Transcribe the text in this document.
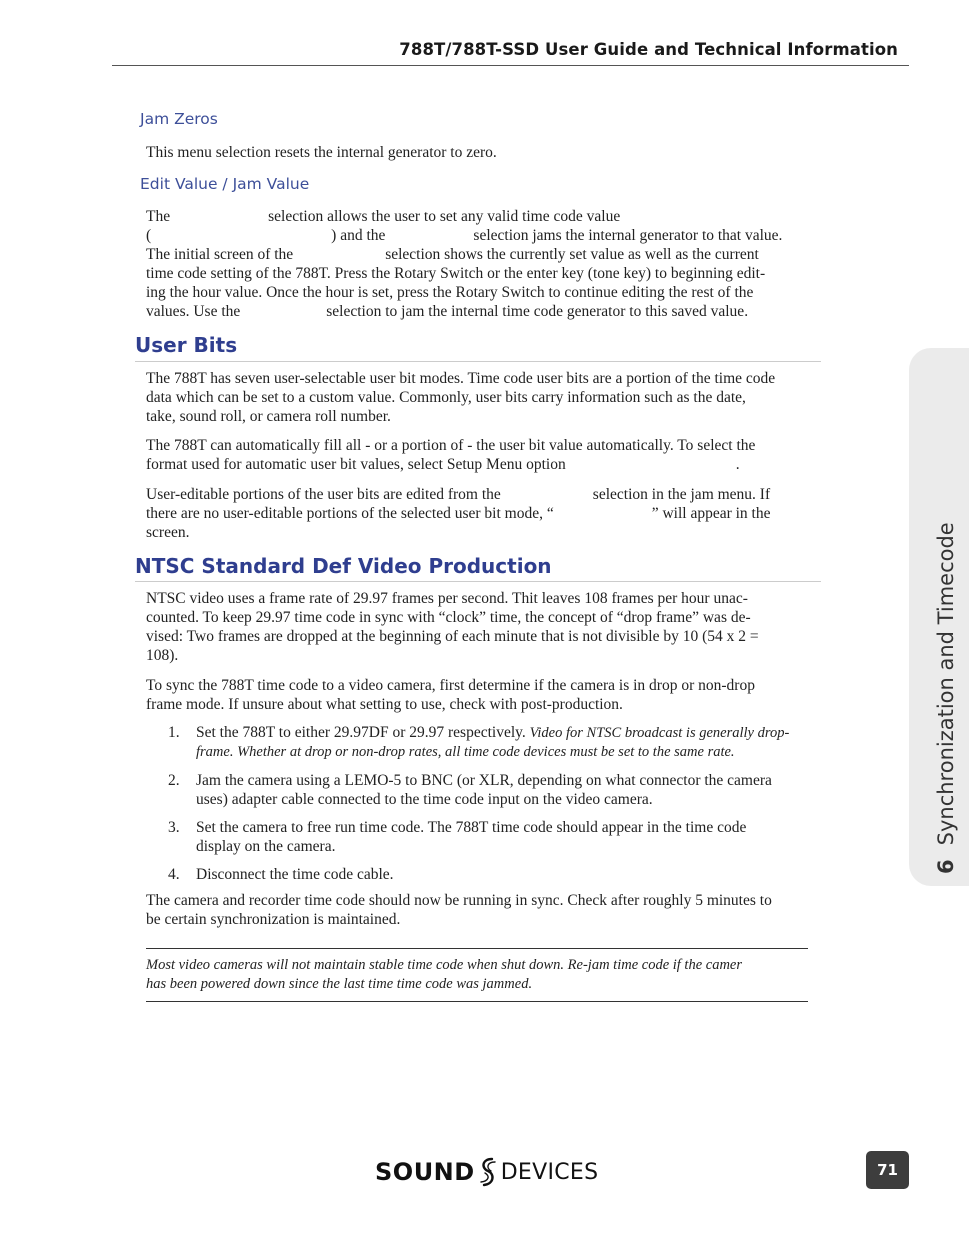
788T/788T-SSD User Guide and Technical Information
Jam Zeros
This menu selection resets the internal generator to zero.
Edit Value / Jam Value
The	selection allows the user to set any valid time code value
(	) and the	selection jams the internal generator to that value.
The initial screen of the	selection shows the currently set value as well as the current
time code setting of the 788T. Press the Rotary Switch or the enter key (tone key) to beginning edit-
ing the hour value. Once the hour is set, press the Rotary Switch to continue editing the rest of the
values. Use the	selection to jam the internal time code generator to this saved value.
User Bits
The 788T has seven user-selectable user bit modes. Time code user bits are a portion of the time code
data which can be set to a custom value. Commonly, user bits carry information such as the date,
take, sound roll, or camera roll number.
The 788T can automatically fill all - or a portion of - the user bit value automatically. To select the
format used for automatic user bit values, select Setup Menu option	.
User-editable portions of the user bits are edited from the	selection in the jam menu. If
there are no user-editable portions of the selected user bit mode, “	” will appear in the
screen.
NTSC Standard Def Video Production
NTSC video uses a frame rate of 29.97 frames per second. Thit leaves 108 frames per hour unac-
counted. To keep 29.97 time code in sync with “clock” time, the concept of “drop frame” was de-
vised: Two frames are dropped at the beginning of each minute that is not divisible by 10 (54 x 2 =
108).
To sync the 788T time code to a video camera, first determine if the camera is in drop or non-drop
frame mode. If unsure about what setting to use, check with post-production.
1. Set the 788T to either 29.97DF or 29.97 respectively. Video for NTSC broadcast is generally drop-
frame. Whether at drop or non-drop rates, all time code devices must be set to the same rate.
2. Jam the camera using a LEMO-5 to BNC (or XLR, depending on what connector the camera
uses) adapter cable connected to the time code input on the video camera.
3. Set the camera to free run time code. The 788T time code should appear in the time code
display on the camera.
4. Disconnect the time code cable.
The camera and recorder time code should now be running in sync. Check after roughly 5 minutes to
be certain synchronization is maintained.
Most video cameras will not maintain stable time code when shut down. Re-jam time code if the camer
has been powered down since the last time time code was jammed.
6Synchronization and Timecode
SOUND DEVICES	71
